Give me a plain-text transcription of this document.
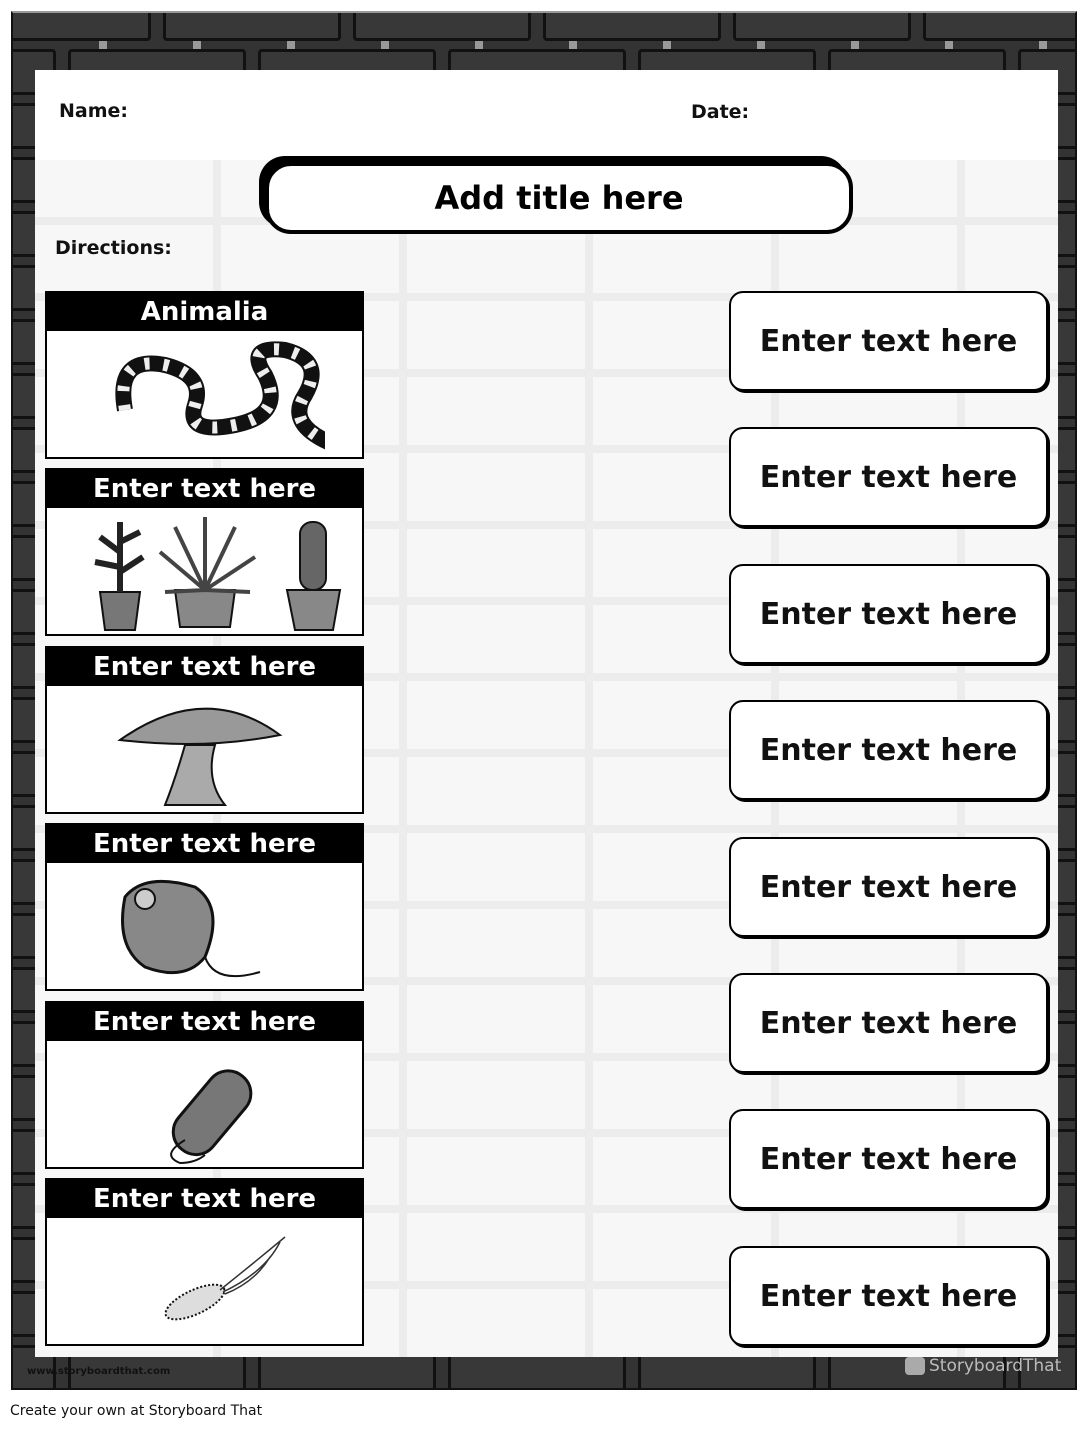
Name:	Date:
Add title here
Directions:
Animalia
Enter text here
Enter text here
Enter text here
Enter text here
Enter text here
Enter text here
Enter text here
Enter text here
Enter text here
Enter text here
Enter text here
Enter text here
Enter text here
www.storyboardthat.com	StoryboardThat
Create your own at Storyboard That
